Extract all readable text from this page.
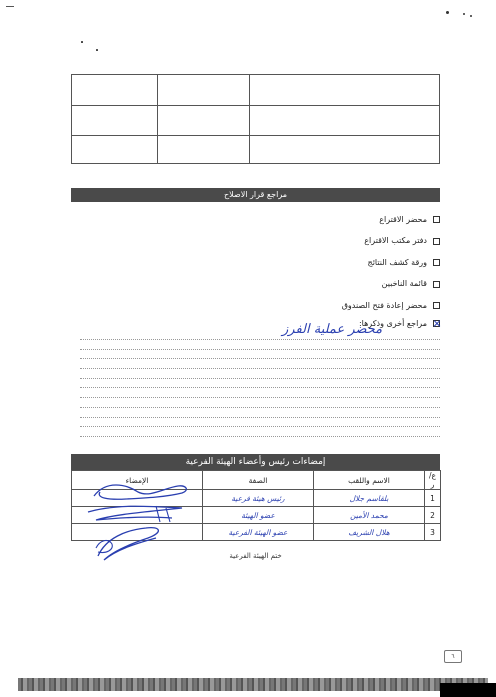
مراجع قرار الاصلاح
محضر الاقتراع
دفتر مكتب الاقتراع
ورقة كشف النتائج
قائمة الناخبين
محضر إعادة فتح الصندوق
مراجع أخرى وذكرها:
محضر عملية الفرز
إمضاءات رئيس وأعضاء الهيئة الفرعية
ع/ر	الاسم واللقب	الصفة	الإمضاء
1	بلقاسم جلال	رئيس هيئة فرعية	
2	محمد الأمين	عضو الهيئة	
3	هلال الشريف	عضو الهيئة الفرعية	
ختم الهيئة الفرعية
٦
